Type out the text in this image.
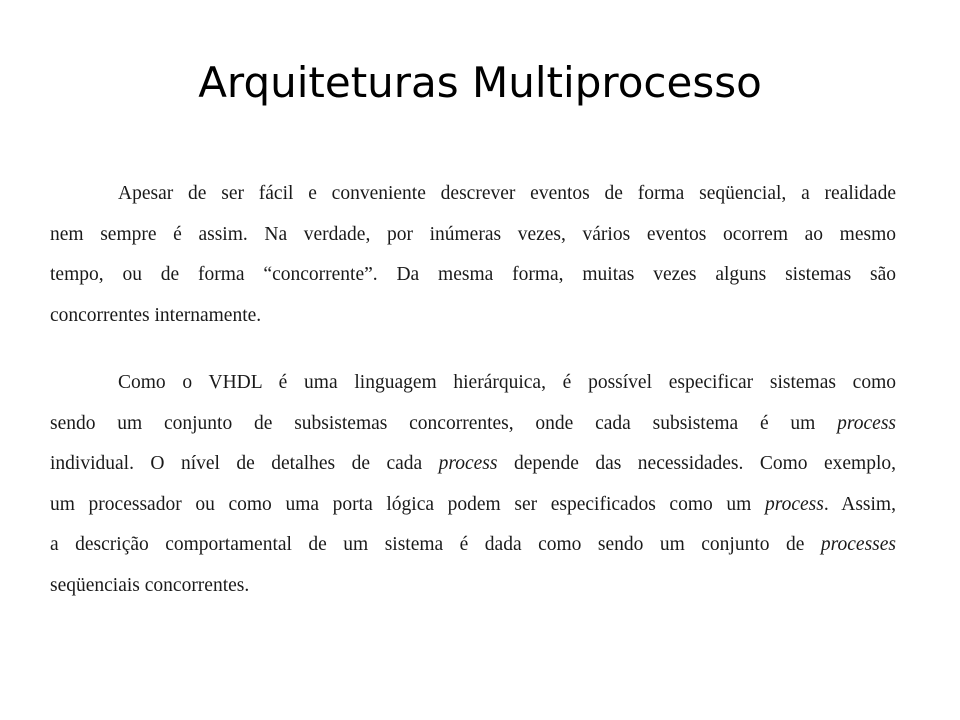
Arquiteturas Multiprocesso
Apesar de ser fácil e conveniente descrever eventos de forma seqüencial, a realidade
nem sempre é assim. Na verdade, por inúmeras vezes, vários eventos ocorrem ao mesmo
tempo, ou de forma “concorrente”. Da mesma forma, muitas vezes alguns sistemas são
concorrentes internamente.
Como o VHDL é uma linguagem hierárquica, é possível especificar sistemas como
sendo um conjunto de subsistemas concorrentes, onde cada subsistema é um process
individual. O nível de detalhes de cada process depende das necessidades. Como exemplo,
um processador ou como uma porta lógica podem ser especificados como um process. Assim,
a descrição comportamental de um sistema é dada como sendo um conjunto de processes
seqüenciais concorrentes.
